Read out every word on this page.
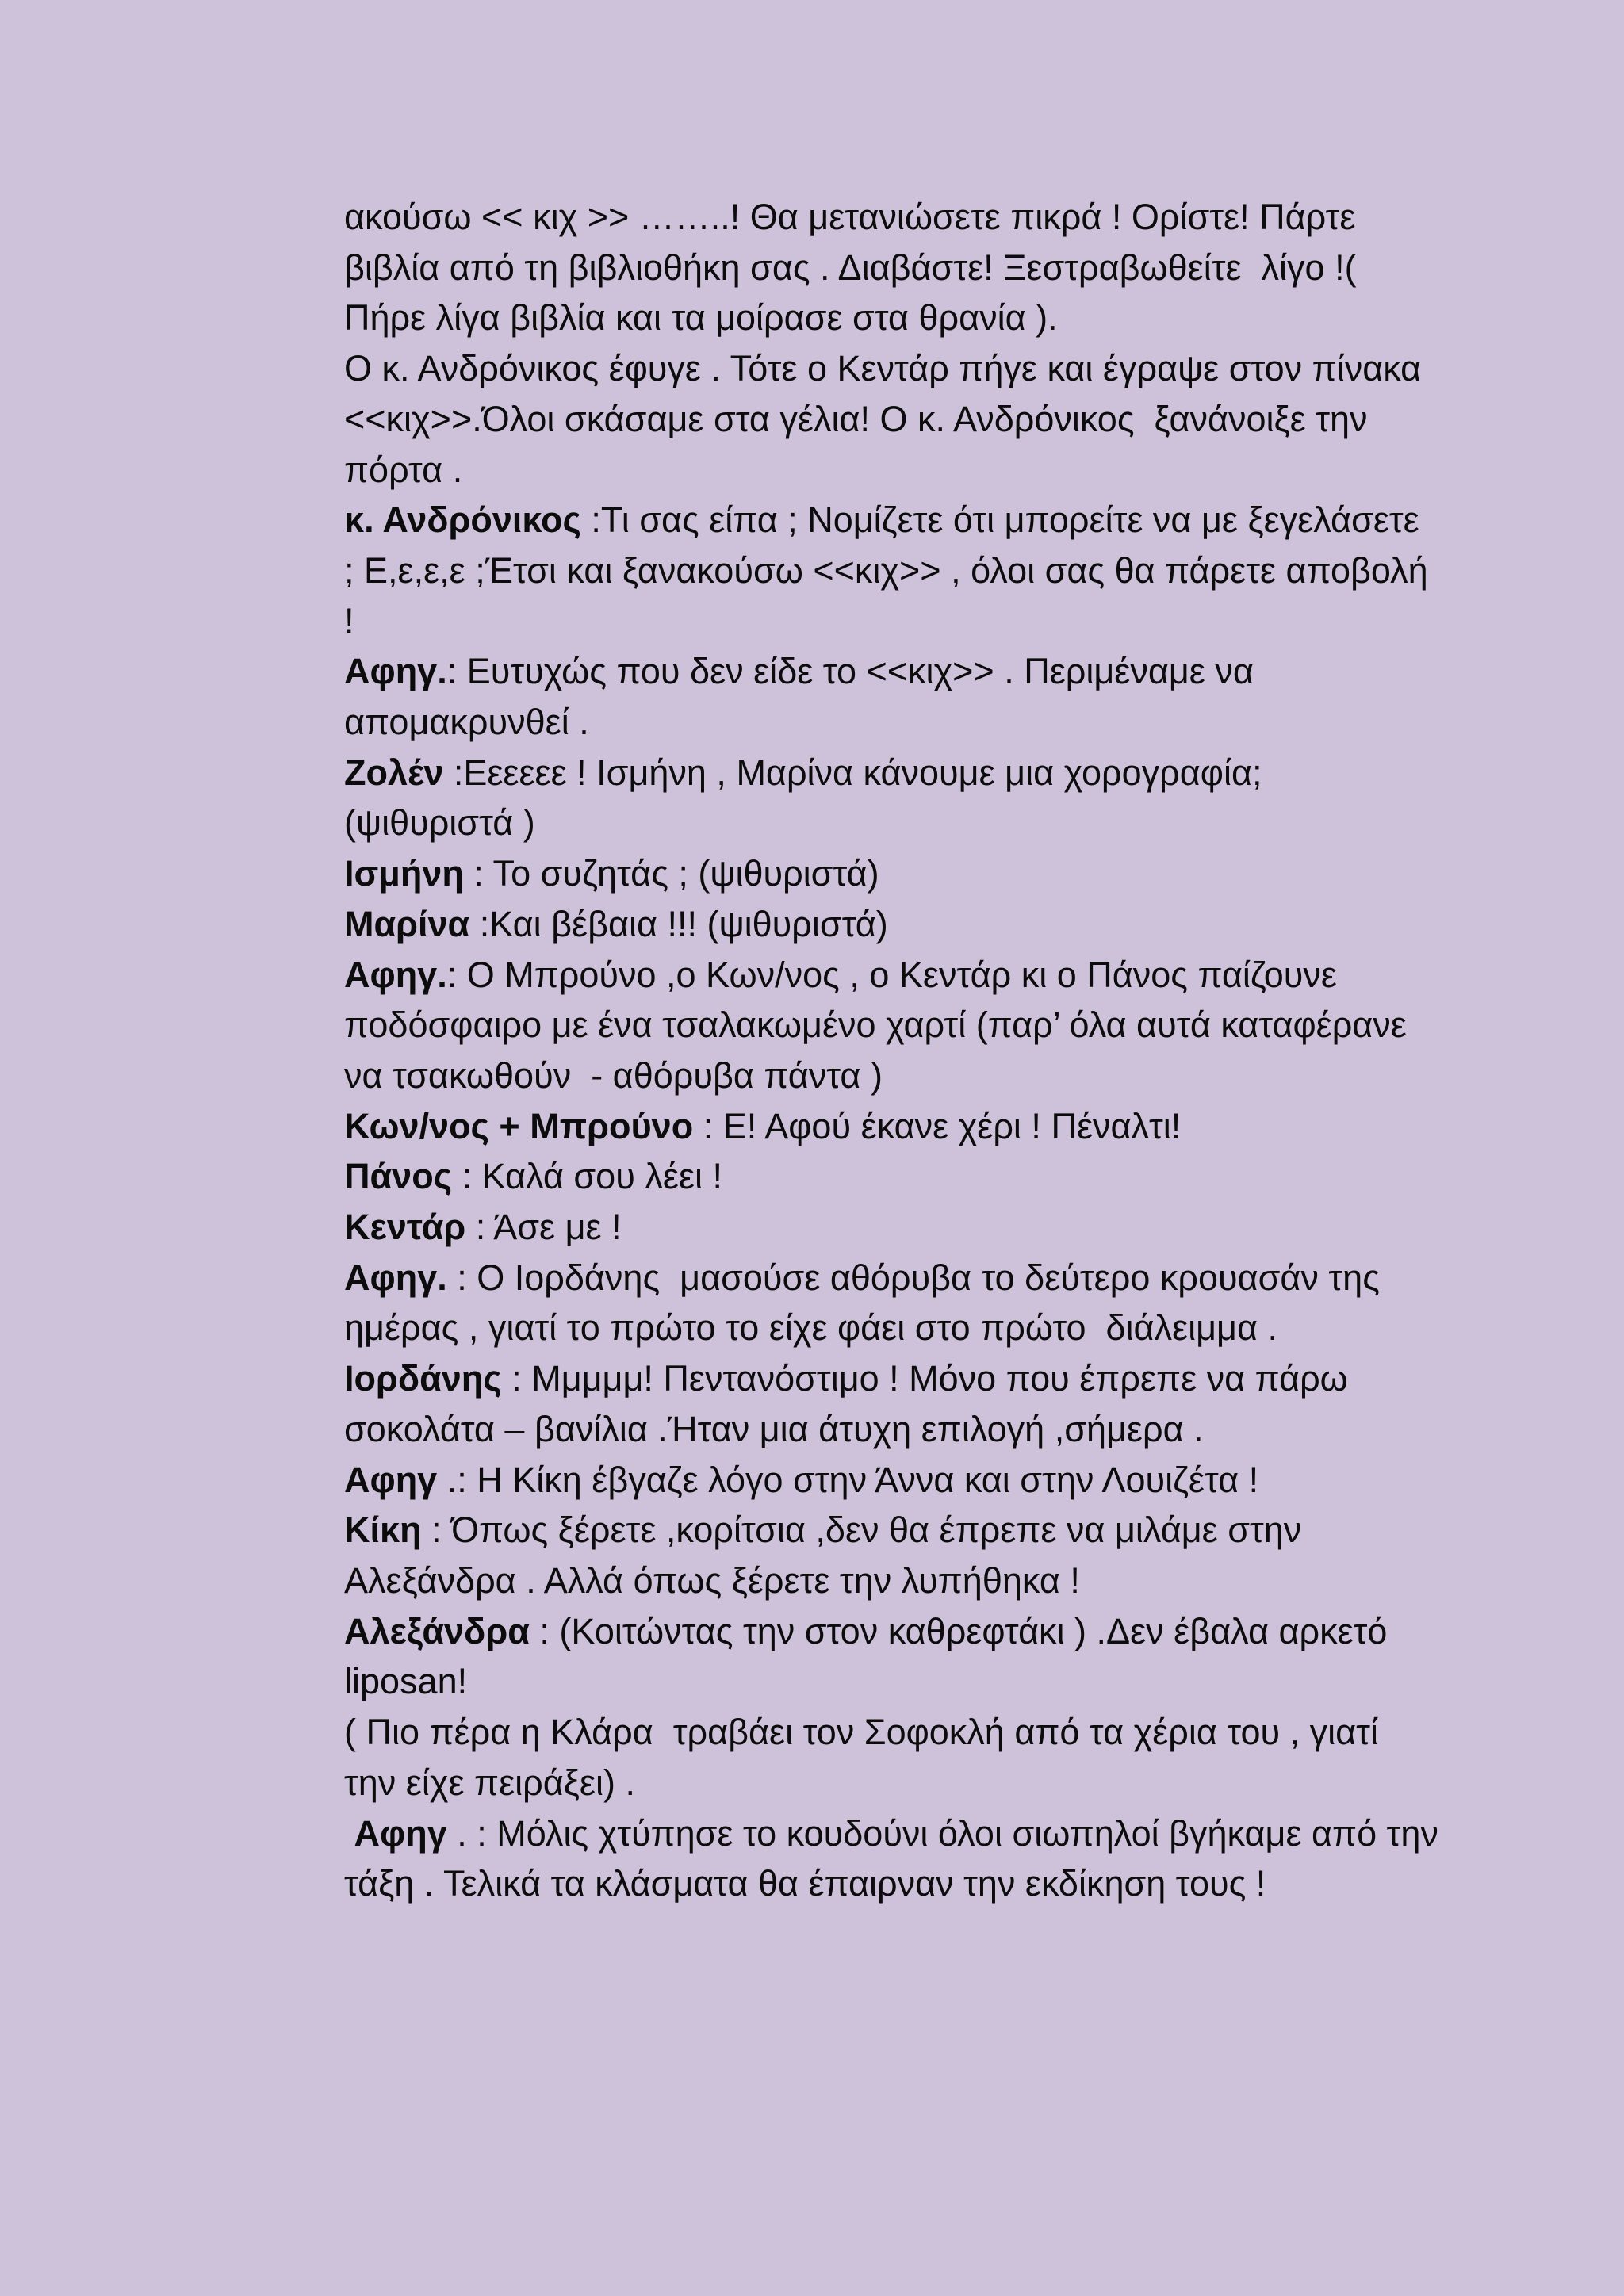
ακούσω << κιχ >> ……..! Θα μετανιώσετε πικρά ! Ορίστε! Πάρτε βιβλία από τη βιβλιοθήκη σας . Διαβάστε! Ξεστραβωθείτε  λίγο !( Πήρε λίγα βιβλία και τα μοίρασε στα θρανία ).

Ο κ. Ανδρόνικος έφυγε . Τότε ο Κεντάρ πήγε και έγραψε στον πίνακα <<κιχ>>.Όλοι σκάσαμε στα γέλια! Ο κ. Ανδρόνικος  ξανάνοιξε την πόρτα .

κ. Ανδρόνικος :Τι σας είπα ; Νομίζετε ότι μπορείτε να με ξεγελάσετε ; Ε,ε,ε,ε ;Έτσι και ξανακούσω <<κιχ>> , όλοι σας θα πάρετε αποβολή !

Αφηγ.: Ευτυχώς που δεν είδε το <<κιχ>> . Περιμέναμε να απομακρυνθεί .

Ζολέν :Εεεεεε ! Ισμήνη , Μαρίνα κάνουμε μια χορογραφία; (ψιθυριστά )

Ισμήνη : Το συζητάς ; (ψιθυριστά)

Μαρίνα :Και βέβαια !!! (ψιθυριστά)

Αφηγ.: Ο Μπρούνο ,ο Κων/νος , ο Κεντάρ κι ο Πάνος παίζουνε ποδόσφαιρο με ένα τσαλακωμένο χαρτί (παρ’ όλα αυτά καταφέρανε να τσακωθούν  - αθόρυβα πάντα )

Κων/νος + Μπρούνο : Ε! Αφού έκανε χέρι ! Πέναλτι!

Πάνος : Καλά σου λέει !

Κεντάρ : Άσε με !

Αφηγ. : Ο Ιορδάνης  μασούσε αθόρυβα το δεύτερο κρουασάν της ημέρας , γιατί το πρώτο το είχε φάει στο πρώτο  διάλειμμα .

Ιορδάνης : Μμμμμ! Πεντανόστιμο ! Μόνο που έπρεπε να πάρω σοκολάτα – βανίλια .Ήταν μια άτυχη επιλογή ,σήμερα .

Αφηγ .: Η Κίκη έβγαζε λόγο στην Άννα και στην Λουιζέτα !

Κίκη : Όπως ξέρετε ,κορίτσια ,δεν θα έπρεπε να μιλάμε στην Αλεξάνδρα . Αλλά όπως ξέρετε την λυπήθηκα !

Αλεξάνδρα : (Κοιτώντας την στον καθρεφτάκι ) .Δεν έβαλα αρκετό liposan!

( Πιο πέρα η Κλάρα  τραβάει τον Σοφοκλή από τα χέρια του , γιατί την είχε πειράξει) .

Αφηγ . : Μόλις χτύπησε το κουδούνι όλοι σιωπηλοί βγήκαμε από την τάξη . Τελικά τα κλάσματα θα έπαιρναν την εκδίκηση τους !
